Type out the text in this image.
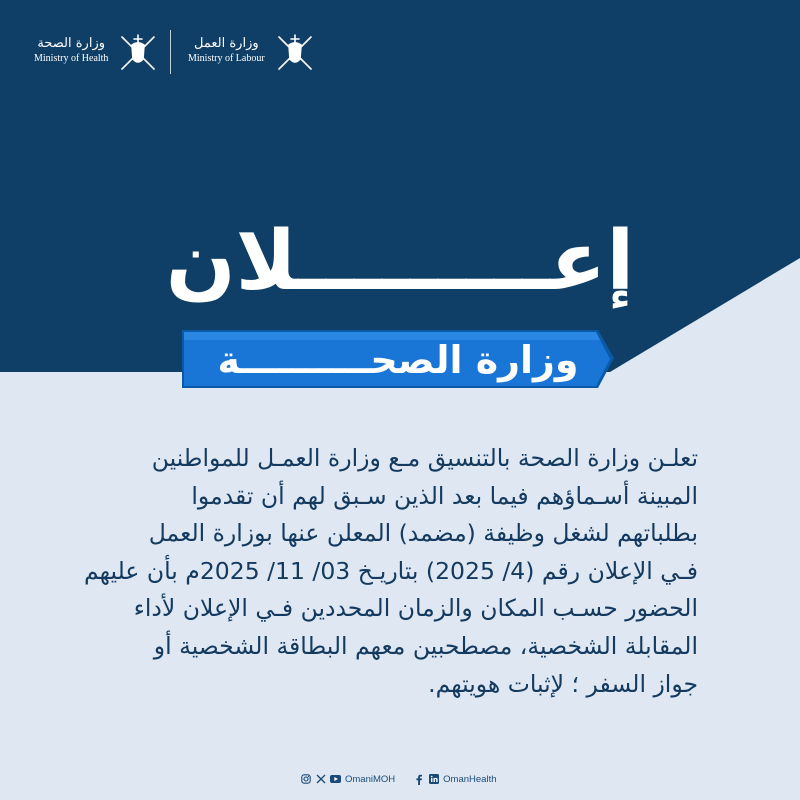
وزارة الصحة
Ministry of Health
وزارة العمل
Ministry of Labour
إعـــــــــلان
وزارة الصحــــــــــة
تعلـن وزارة الصحة بالتنسيق مـع وزارة العمـل للمواطنين
المبينة أسـماؤهم فيما بعد الذين سـبق لهم أن تقدموا
بطلباتهم لشغل وظيفة (مضمد) المعلن عنها بوزارة العمل
فـي الإعلان رقم (4/ 2025) بتاريـخ 03/ 11/ 2025م بأن عليهم
الحضور حسـب المكان والزمان المحددين فـي الإعلان لأداء
المقابلة الشخصية، مصطحبين معهم البطاقة الشخصية أو
جواز السفر ؛ لإثبات هويتهم.
OmaniMOH	OmanHealth
